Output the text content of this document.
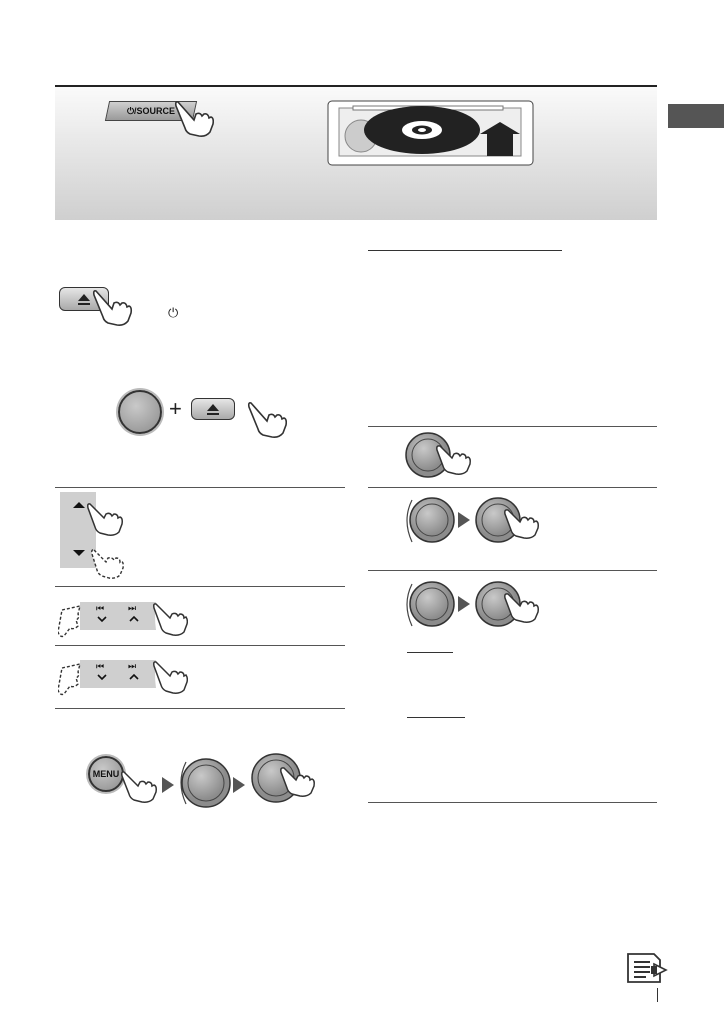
⏻/SOURCE
⏻
+
⏮	⏭
⏮	⏭
MENU
